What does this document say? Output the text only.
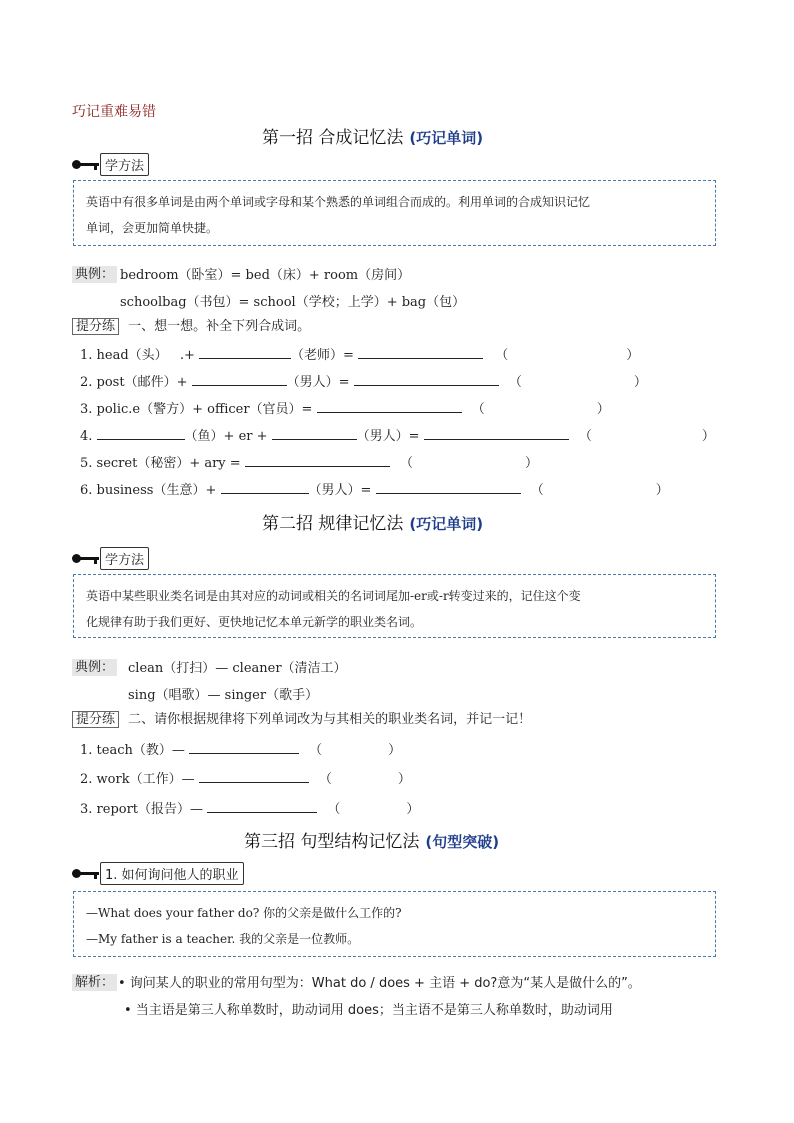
巧记重难易错
第一招 合成记忆法 (巧记单词)
学方法
英语中有很多单词是由两个单词或字母和某个熟悉的单词组合而成的。利用单词的合成知识记忆
单词，会更加简单快捷。
典例： bedroom（卧室）= bed（床）+ room（房间）
schoolbag（书包）= school（学校；上学）+ bag（包）
提分练 一、想一想。补全下列合成词。
1. head（头） .+	（老师）=	（	）
2. post（邮件）+	（男人）=	（	）
3. polic.e（警方）+ officer（官员）=	（	）
4.	（鱼）+ er +	（男人）=	（	）
5. secret（秘密）+ ary =	（	）
6. business（生意）+	（男人）=	（	）
第二招 规律记忆法 (巧记单词)
学方法
英语中某些职业类名词是由其对应的动词或相关的名词词尾加-er或-r转变过来的，记住这个变
化规律有助于我们更好、更快地记忆本单元新学的职业类名词。
典例： clean（打扫）— cleaner（清洁工）
sing（唱歌）— singer（歌手）
提分练 二、请你根据规律将下列单词改为与其相关的职业类名词，并记一记！
1. teach（教）—	（	）
2. work（工作）—	（	）
3. report（报告）—	（	）
第三招 句型结构记忆法 (句型突破)
1. 如何询问他人的职业
—What does your father do? 你的父亲是做什么工作的?
—My father is a teacher. 我的父亲是一位教师。
解析： • 询问某人的职业的常用句型为：What do / does + 主语 + do?意为“某人是做什么的”。
• 当主语是第三人称单数时，助动词用 does；当主语不是第三人称单数时，助动词用
